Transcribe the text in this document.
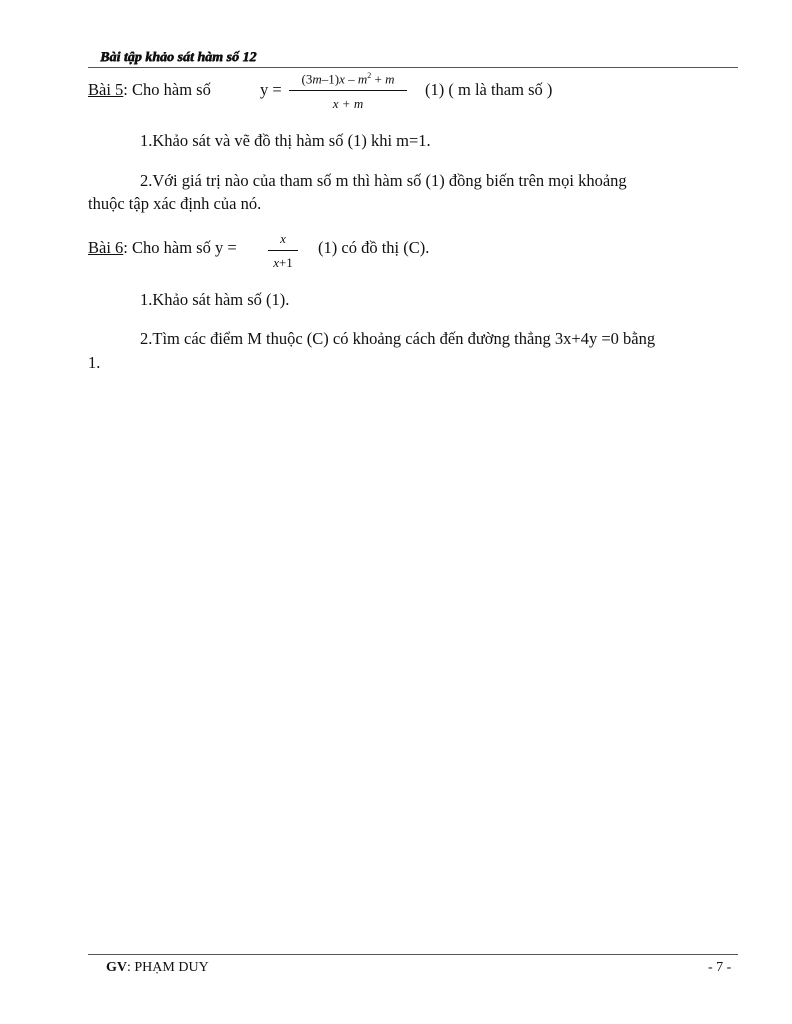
Bài tập khảo sát hàm số 12
Bài 5: Cho hàm số	y =
$(3m-1)x - m^2 + m$
x + m
(1) ( m là tham số )
1.Khảo sát và vẽ đồ thị hàm số (1) khi m=1.
2.Với giá trị nào của tham số m thì hàm số (1) đồng biến trên mọi khoảng
thuộc tập xác định của nó.
Bài 6: Cho hàm số y =	x
x+1
(1) có đồ thị (C).
1.Khảo sát hàm số (1).
2.Tìm các điểm M thuộc (C) có khoảng cách đến đường thẳng 3x+4y =0 bằng
1.
GV: PHẠM DUY	- 7 -
